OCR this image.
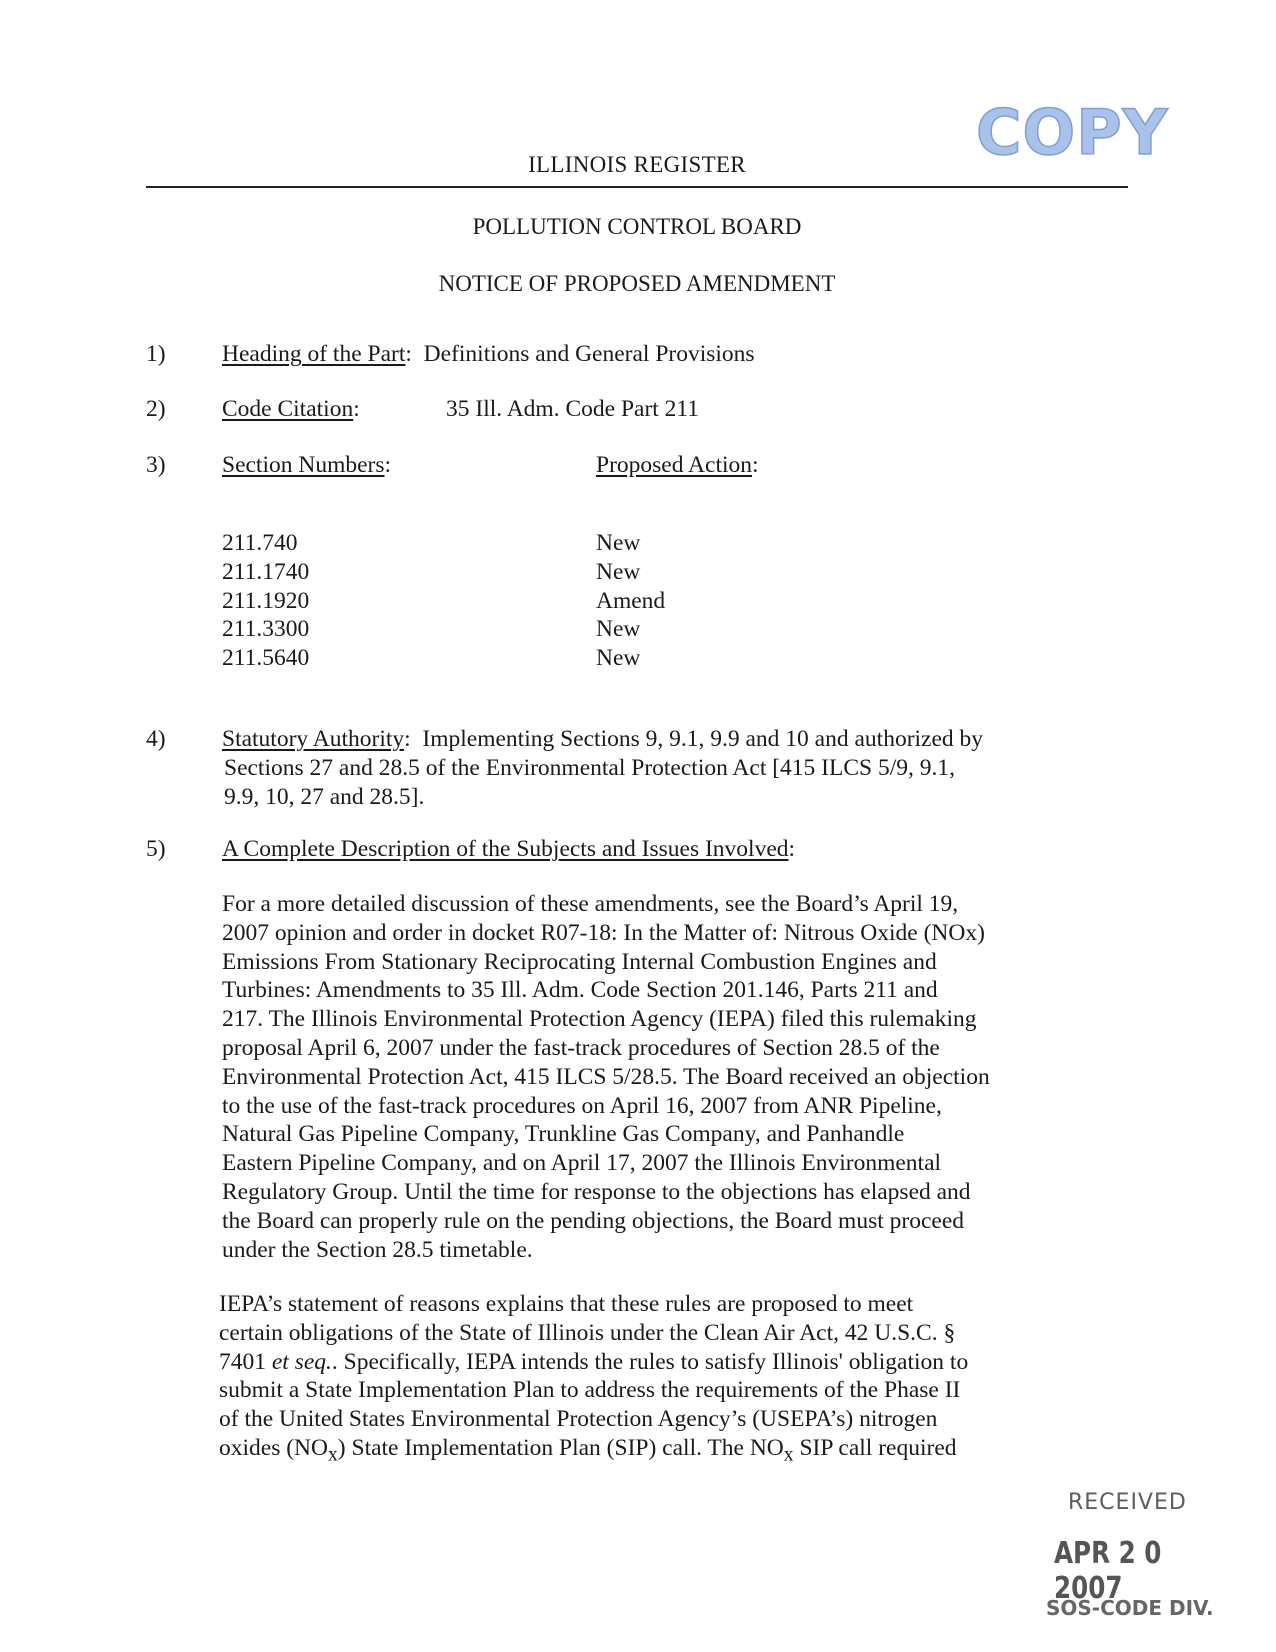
COPY
ILLINOIS REGISTER
POLLUTION CONTROL BOARD
NOTICE OF PROPOSED AMENDMENT
1) Heading of the Part:  Definitions and General Provisions
2) Code Citation:	35 Ill. Adm. Code Part 211
3) Section Numbers:	Proposed Action:
211.740
211.1740
211.1920
211.3300
211.5640
New
New
Amend
New
New
4) Statutory Authority:  Implementing Sections 9, 9.1, 9.9 and 10 and authorized by
Sections 27 and 28.5 of the Environmental Protection Act [415 ILCS 5/9, 9.1,
9.9, 10, 27 and 28.5].
5) A Complete Description of the Subjects and Issues Involved:
For a more detailed discussion of these amendments, see the Board’s April 19,
2007 opinion and order in docket R07-18: In the Matter of: Nitrous Oxide (NOx)
Emissions From Stationary Reciprocating Internal Combustion Engines and
Turbines: Amendments to 35 Ill. Adm. Code Section 201.146, Parts 211 and
217. The Illinois Environmental Protection Agency (IEPA) filed this rulemaking
proposal April 6, 2007 under the fast-track procedures of Section 28.5 of the
Environmental Protection Act, 415 ILCS 5/28.5. The Board received an objection
to the use of the fast-track procedures on April 16, 2007 from ANR Pipeline,
Natural Gas Pipeline Company, Trunkline Gas Company, and Panhandle
Eastern Pipeline Company, and on April 17, 2007 the Illinois Environmental
Regulatory Group. Until the time for response to the objections has elapsed and
the Board can properly rule on the pending objections, the Board must proceed
under the Section 28.5 timetable.
IEPA’s statement of reasons explains that these rules are proposed to meet
certain obligations of the State of Illinois under the Clean Air Act, 42 U.S.C. §
7401 et seq.. Specifically, IEPA intends the rules to satisfy Illinois' obligation to
submit a State Implementation Plan to address the requirements of the Phase II
of the United States Environmental Protection Agency’s (USEPA’s) nitrogen
oxides $(NO_x)$ State Implementation Plan (SIP) call. The $NO_x$ SIP call required
RECEIVED
APR 2 0 2007
SOS-CODE DIV.
